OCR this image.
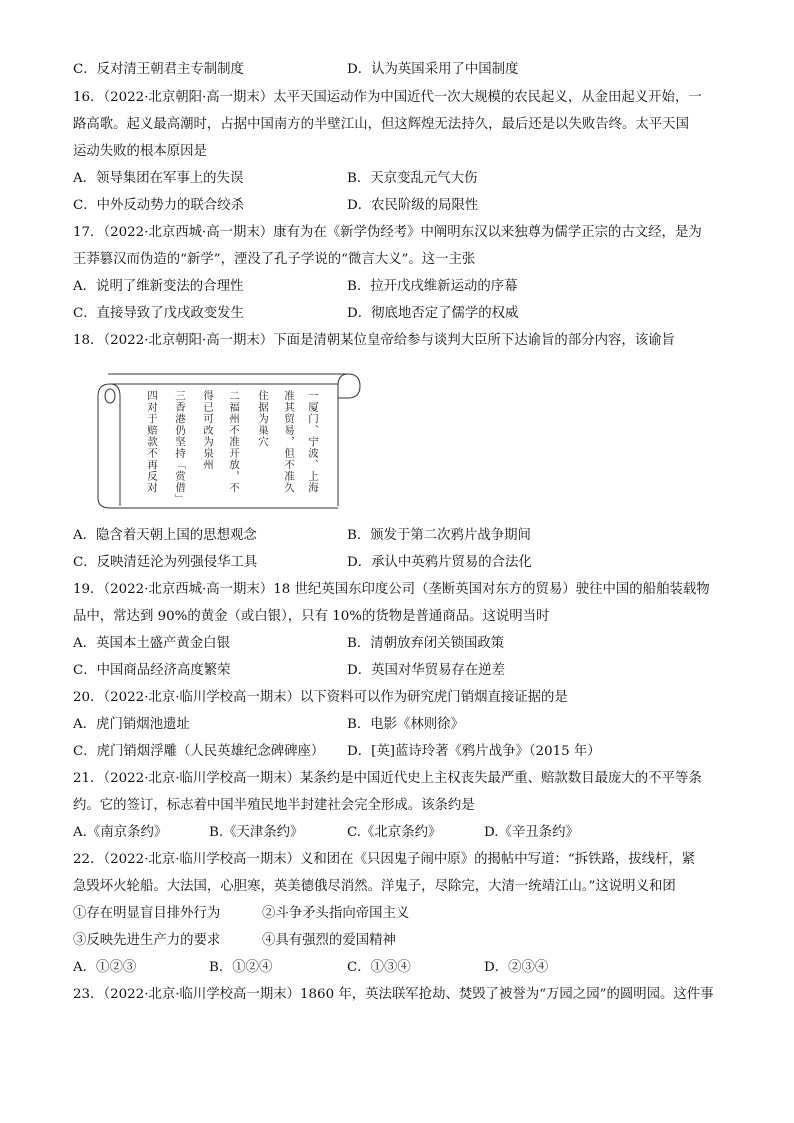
C．反对清王朝君主专制制度	D．认为英国采用了中国制度
16．（2022·北京朝阳·高一期末）太平天国运动作为中国近代一次大规模的农民起义，从金田起义开始，一
路高歌。起义最高潮时，占据中国南方的半壁江山，但这辉煌无法持久，最后还是以失败告终。太平天国
运动失败的根本原因是
A．领导集团在军事上的失误	B．天京变乱元气大伤
C．中外反动势力的联合绞杀	D．农民阶级的局限性
17．（2022·北京西城·高一期末）康有为在《新学伪经考》中阐明东汉以来独尊为儒学正宗的古文经，是为
王莽篡汉而伪造的“新学”，湮没了孔子学说的“微言大义”。这一主张
A．说明了维新变法的合理性	B．拉开戊戌维新运动的序幕
C．直接导致了戊戌政变发生	D．彻底地否定了儒学的权威
18．（2022·北京朝阳·高一期末）下面是清朝某位皇帝给参与谈判大臣所下达谕旨的部分内容，该谕旨
一厦门、宁波、上海
准其贸易，但不准久
住据为巢穴
二福州不准开放，不
得已可改为泉州
三香港仍坚持「赏借」
四对于赔款不再反对
A．隐含着天朝上国的思想观念	B．颁发于第二次鸦片战争期间
C．反映清廷沦为列强侵华工具	D．承认中英鸦片贸易的合法化
19．（2022·北京西城·高一期末）18 世纪英国东印度公司（垄断英国对东方的贸易）驶往中国的船舶装载物
品中，常达到 90%的黄金（或白银），只有 10%的货物是普通商品。这说明当时
A．英国本土盛产黄金白银	B．清朝放弃闭关锁国政策
C．中国商品经济高度繁荣	D．英国对华贸易存在逆差
20．（2022·北京·临川学校高一期末）以下资料可以作为研究虎门销烟直接证据的是
A．虎门销烟池遗址	B．电影《林则徐》
C．虎门销烟浮雕（人民英雄纪念碑碑座） D．[英]蓝诗玲著《鸦片战争》（2015 年）
21．（2022·北京·临川学校高一期末）某条约是中国近代史上主权丧失最严重、赔款数目最庞大的不平等条
约。它的签订，标志着中国半殖民地半封建社会完全形成。该条约是
A.《南京条约》	B.《天津条约》	C.《北京条约》	D.《辛丑条约》
22．（2022·北京·临川学校高一期末）义和团在《只因鬼子闹中原》的揭帖中写道：“拆铁路，拔线杆，紧
急毁坏火轮船。大法国，心胆寒，英美德俄尽消然。洋鬼子，尽除完，大清一统靖江山。”这说明义和团
①存在明显盲目排外行为	②斗争矛头指向帝国主义
③反映先进生产力的要求	④具有强烈的爱国精神
A．①②③	B．①②④	C．①③④	D．②③④
23．（2022·北京·临川学校高一期末）1860 年，英法联军抢劫、焚毁了被誉为“万园之园”的圆明园。这件事
